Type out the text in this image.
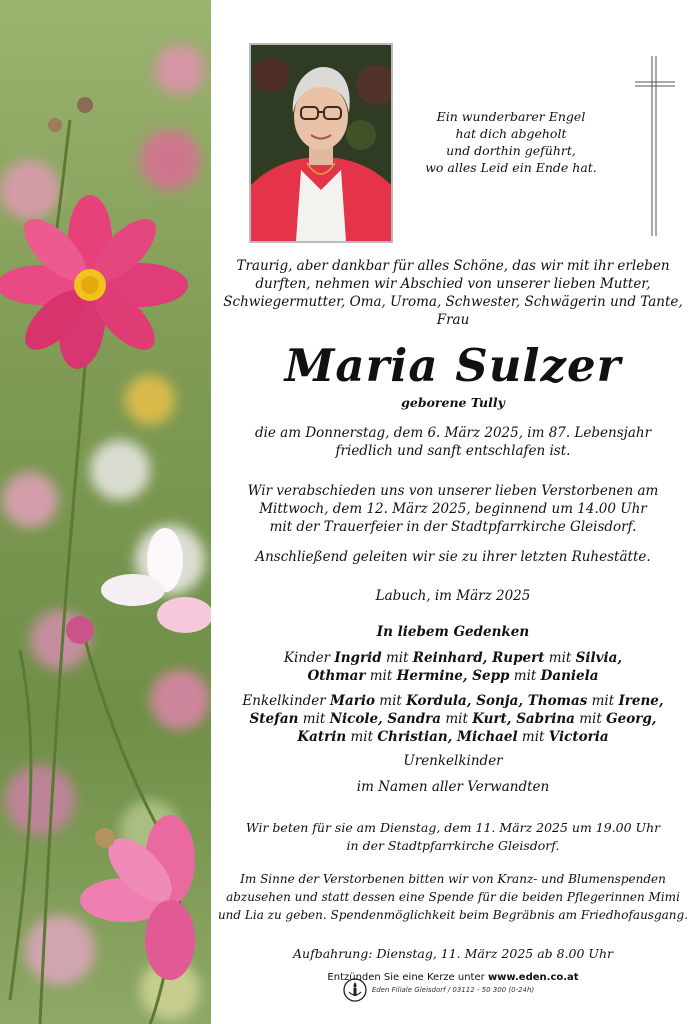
Ein wunderbarer Engel
hat dich abgeholt
und dorthin geführt,
wo alles Leid ein Ende hat.
Traurig, aber dankbar für alles Schöne, das wir mit ihr erleben
durften, nehmen wir Abschied von unserer lieben Mutter,
Schwiegermutter, Oma, Uroma, Schwester, Schwägerin und Tante,
Frau
Maria Sulzer
geborene Tully
die am Donnerstag, dem 6. März 2025, im 87. Lebensjahr
friedlich und sanft entschlafen ist.
Wir verabschieden uns von unserer lieben Verstorbenen am
Mittwoch, dem 12. März 2025, beginnend um 14.00 Uhr
mit der Trauerfeier in der Stadtpfarrkirche Gleisdorf.
Anschließend geleiten wir sie zu ihrer letzten Ruhestätte.
Labuch, im März 2025
In liebem Gedenken
Kinder Ingrid mit Reinhard, Rupert mit Silvia,
Othmar mit Hermine, Sepp mit Daniela
Enkelkinder Mario mit Kordula, Sonja, Thomas mit Irene,
Stefan mit Nicole, Sandra mit Kurt, Sabrina mit Georg,
Katrin mit Christian, Michael mit Victoria
Urenkelkinder
im Namen aller Verwandten
Wir beten für sie am Dienstag, dem 11. März 2025 um 19.00 Uhr
in der Stadtpfarrkirche Gleisdorf.
Im Sinne der Verstorbenen bitten wir von Kranz- und Blumenspenden
abzusehen und statt dessen eine Spende für die beiden Pflegerinnen Mimi
und Lia zu geben. Spendenmöglichkeit beim Begräbnis am Friedhofausgang.
Aufbahrung: Dienstag, 11. März 2025 ab 8.00 Uhr
Entzünden Sie eine Kerze unter www.eden.co.at
Eden Filiale Gleisdorf / 03112 - 50 300 (0-24h)
